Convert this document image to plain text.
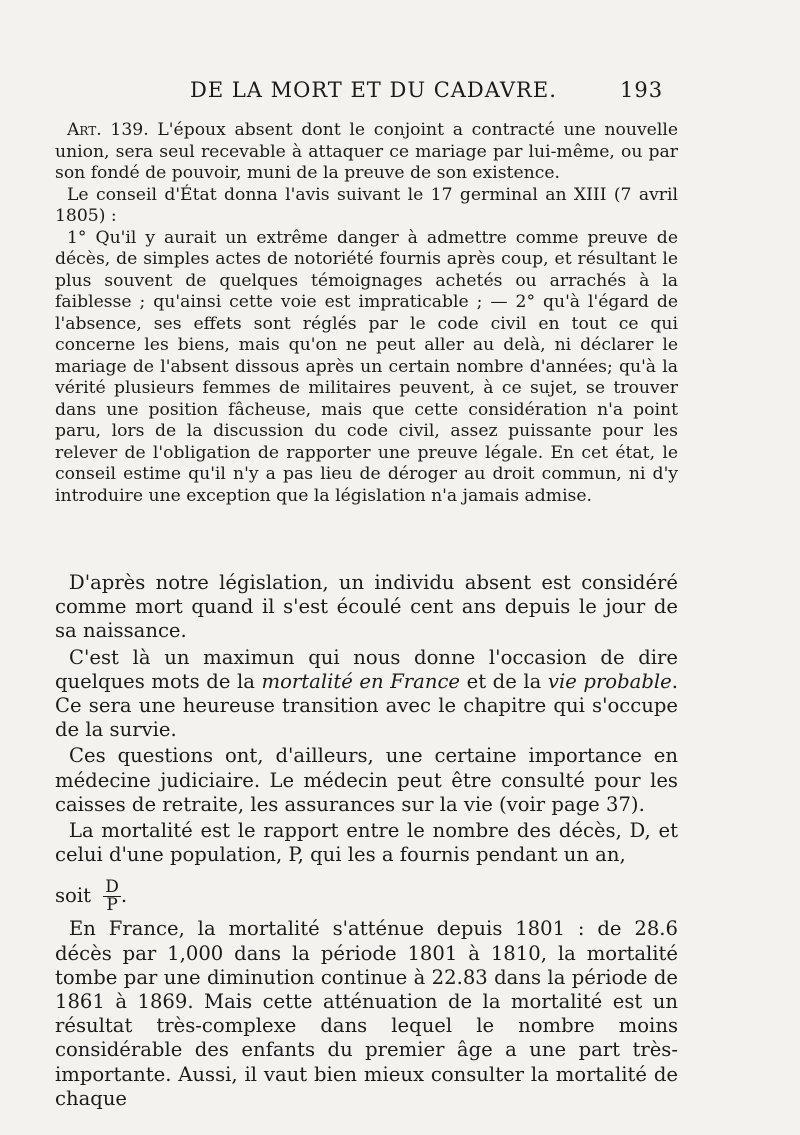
DE LA MORT ET DU CADAVRE.	193

Art. 139. L'époux absent dont le conjoint a contracté une nouvelle union, sera seul recevable à attaquer ce mariage par lui-même, ou par son fondé de pouvoir, muni de la preuve de son existence.

Le conseil d'État donna l'avis suivant le 17 germinal an XIII (7 avril 1805) :

1° Qu'il y aurait un extrême danger à admettre comme preuve de décès, de simples actes de notoriété fournis après coup, et résultant le plus souvent de quelques témoignages achetés ou arrachés à la faiblesse ; qu'ainsi cette voie est impraticable ; — 2° qu'à l'égard de l'absence, ses effets sont réglés par le code civil en tout ce qui concerne les biens, mais qu'on ne peut aller au delà, ni déclarer le mariage de l'absent dissous après un certain nombre d'années; qu'à la vérité plusieurs femmes de militaires peuvent, à ce sujet, se trouver dans une position fâcheuse, mais que cette considération n'a point paru, lors de la discussion du code civil, assez puissante pour les relever de l'obligation de rapporter une preuve légale. En cet état, le conseil estime qu'il n'y a pas lieu de déroger au droit commun, ni d'y introduire une exception que la législation n'a jamais admise.

D'après notre législation, un individu absent est considéré comme mort quand il s'est écoulé cent ans depuis le jour de sa naissance.

C'est là un maximun qui nous donne l'occasion de dire quelques mots de la mortalité en France et de la vie probable. Ce sera une heureuse transition avec le chapitre qui s'occupe de la survie.

Ces questions ont, d'ailleurs, une certaine importance en médecine judiciaire. Le médecin peut être consulté pour les caisses de retraite, les assurances sur la vie (voir page 37).

La mortalité est le rapport entre le nombre des décès, D, et celui d'une population, P, qui les a fournis pendant un an,

soit $\frac{D}{P}$ .

En France, la mortalité s'atténue depuis 1801 : de 28.6 décès par 1,000 dans la période 1801 à 1810, la mortalité tombe par une diminution continue à 22.83 dans la période de 1861 à 1869. Mais cette atténuation de la mortalité est un résultat très-complexe dans lequel le nombre moins considérable des enfants du premier âge a une part très-importante. Aussi, il vaut bien mieux consulter la mortalité de chaque
